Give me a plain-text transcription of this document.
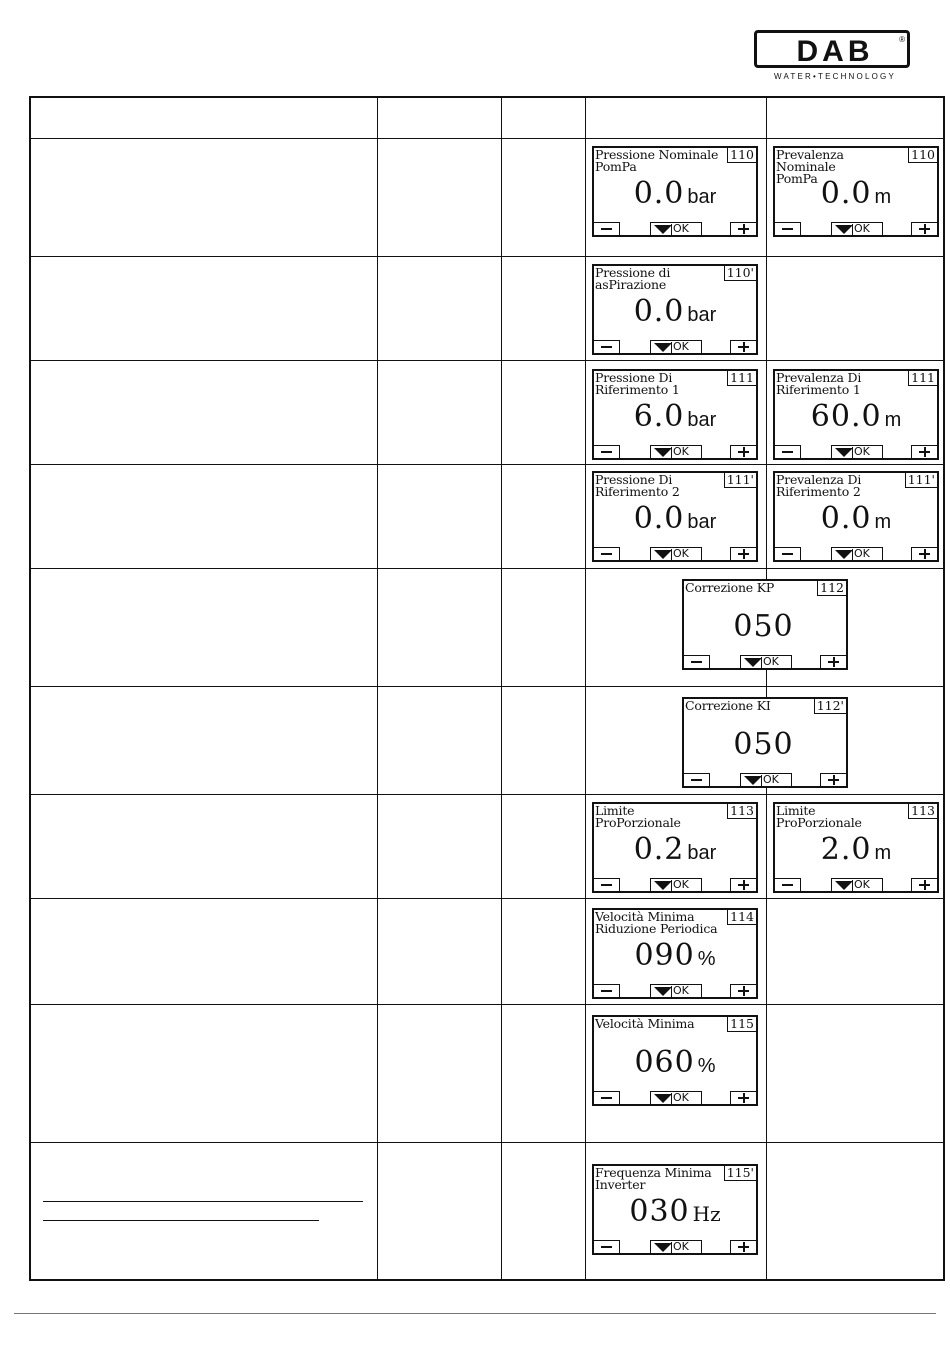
DAB	®
WATER•TECHNOLOGY
Pressione Nominale
PomPa
110
0.0 bar
OK
Prevalenza Nominale
PomPa
110
0.0 m
OK
Pressione di
asPirazione
110'
0.0 bar
OK
Pressione Di
Riferimento 1
111
6.0 bar
OK
Prevalenza Di
Riferimento 1
111
60.0 m
OK
Pressione Di
Riferimento 2
111'
0.0 bar
OK
Prevalenza Di
Riferimento 2
111'
0.0 m
OK
Correzione KP	112
050
OK
Correzione KI	112'
050
OK
Limite ProPorzionale
113
0.2 bar
OK
Limite ProPorzionale
113
2.0 m
OK
Velocità Minima
Riduzione Periodica
114
090 %
OK
Velocità Minima	115
060 %
OK
Frequenza Minima
Inverter
115'
030 Hz
OK
